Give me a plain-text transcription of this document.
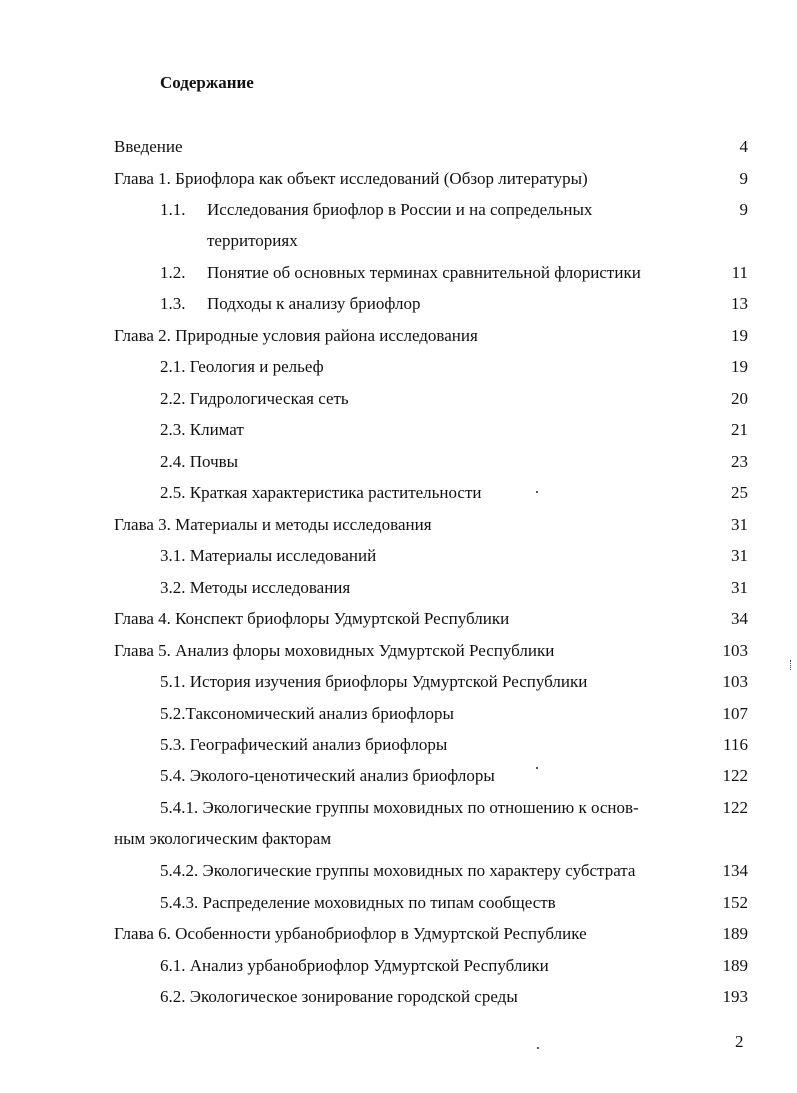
Содержание
Введение	4
Глава 1. Бриофлора как объект исследований (Обзор литературы)	9
1.1. Исследования бриофлор в России и на сопредельных	9
территориях
1.2. Понятие об основных терминах сравнительной флористики	11
1.3. Подходы к анализу бриофлор	13
Глава 2. Природные условия района исследования	19
2.1. Геология и рельеф	19
2.2. Гидрологическая сеть	20
2.3. Климат	21
2.4. Почвы	23
2.5. Краткая характеристика растительности	25
Глава 3. Материалы и методы исследования	31
3.1. Материалы исследований	31
3.2. Методы исследования	31
Глава 4. Конспект бриофлоры Удмуртской Республики	34
Глава 5. Анализ флоры моховидных Удмуртской Республики	103
5.1. История изучения бриофлоры Удмуртской Республики	103
5.2.Таксономический анализ бриофлоры	107
5.3. Географический анализ бриофлоры	116
5.4. Эколого-ценотический анализ бриофлоры	122
5.4.1. Экологические группы моховидных по отношению к основ-	122
ным экологическим факторам
5.4.2. Экологические группы моховидных по характеру субстрата	134
5.4.3. Распределение моховидных по типам сообществ	152
Глава 6. Особенности урбанобриофлор в Удмуртской Республике	189
6.1. Анализ урбанобриофлор Удмуртской Республики	189
6.2. Экологическое зонирование городской среды	193
2
